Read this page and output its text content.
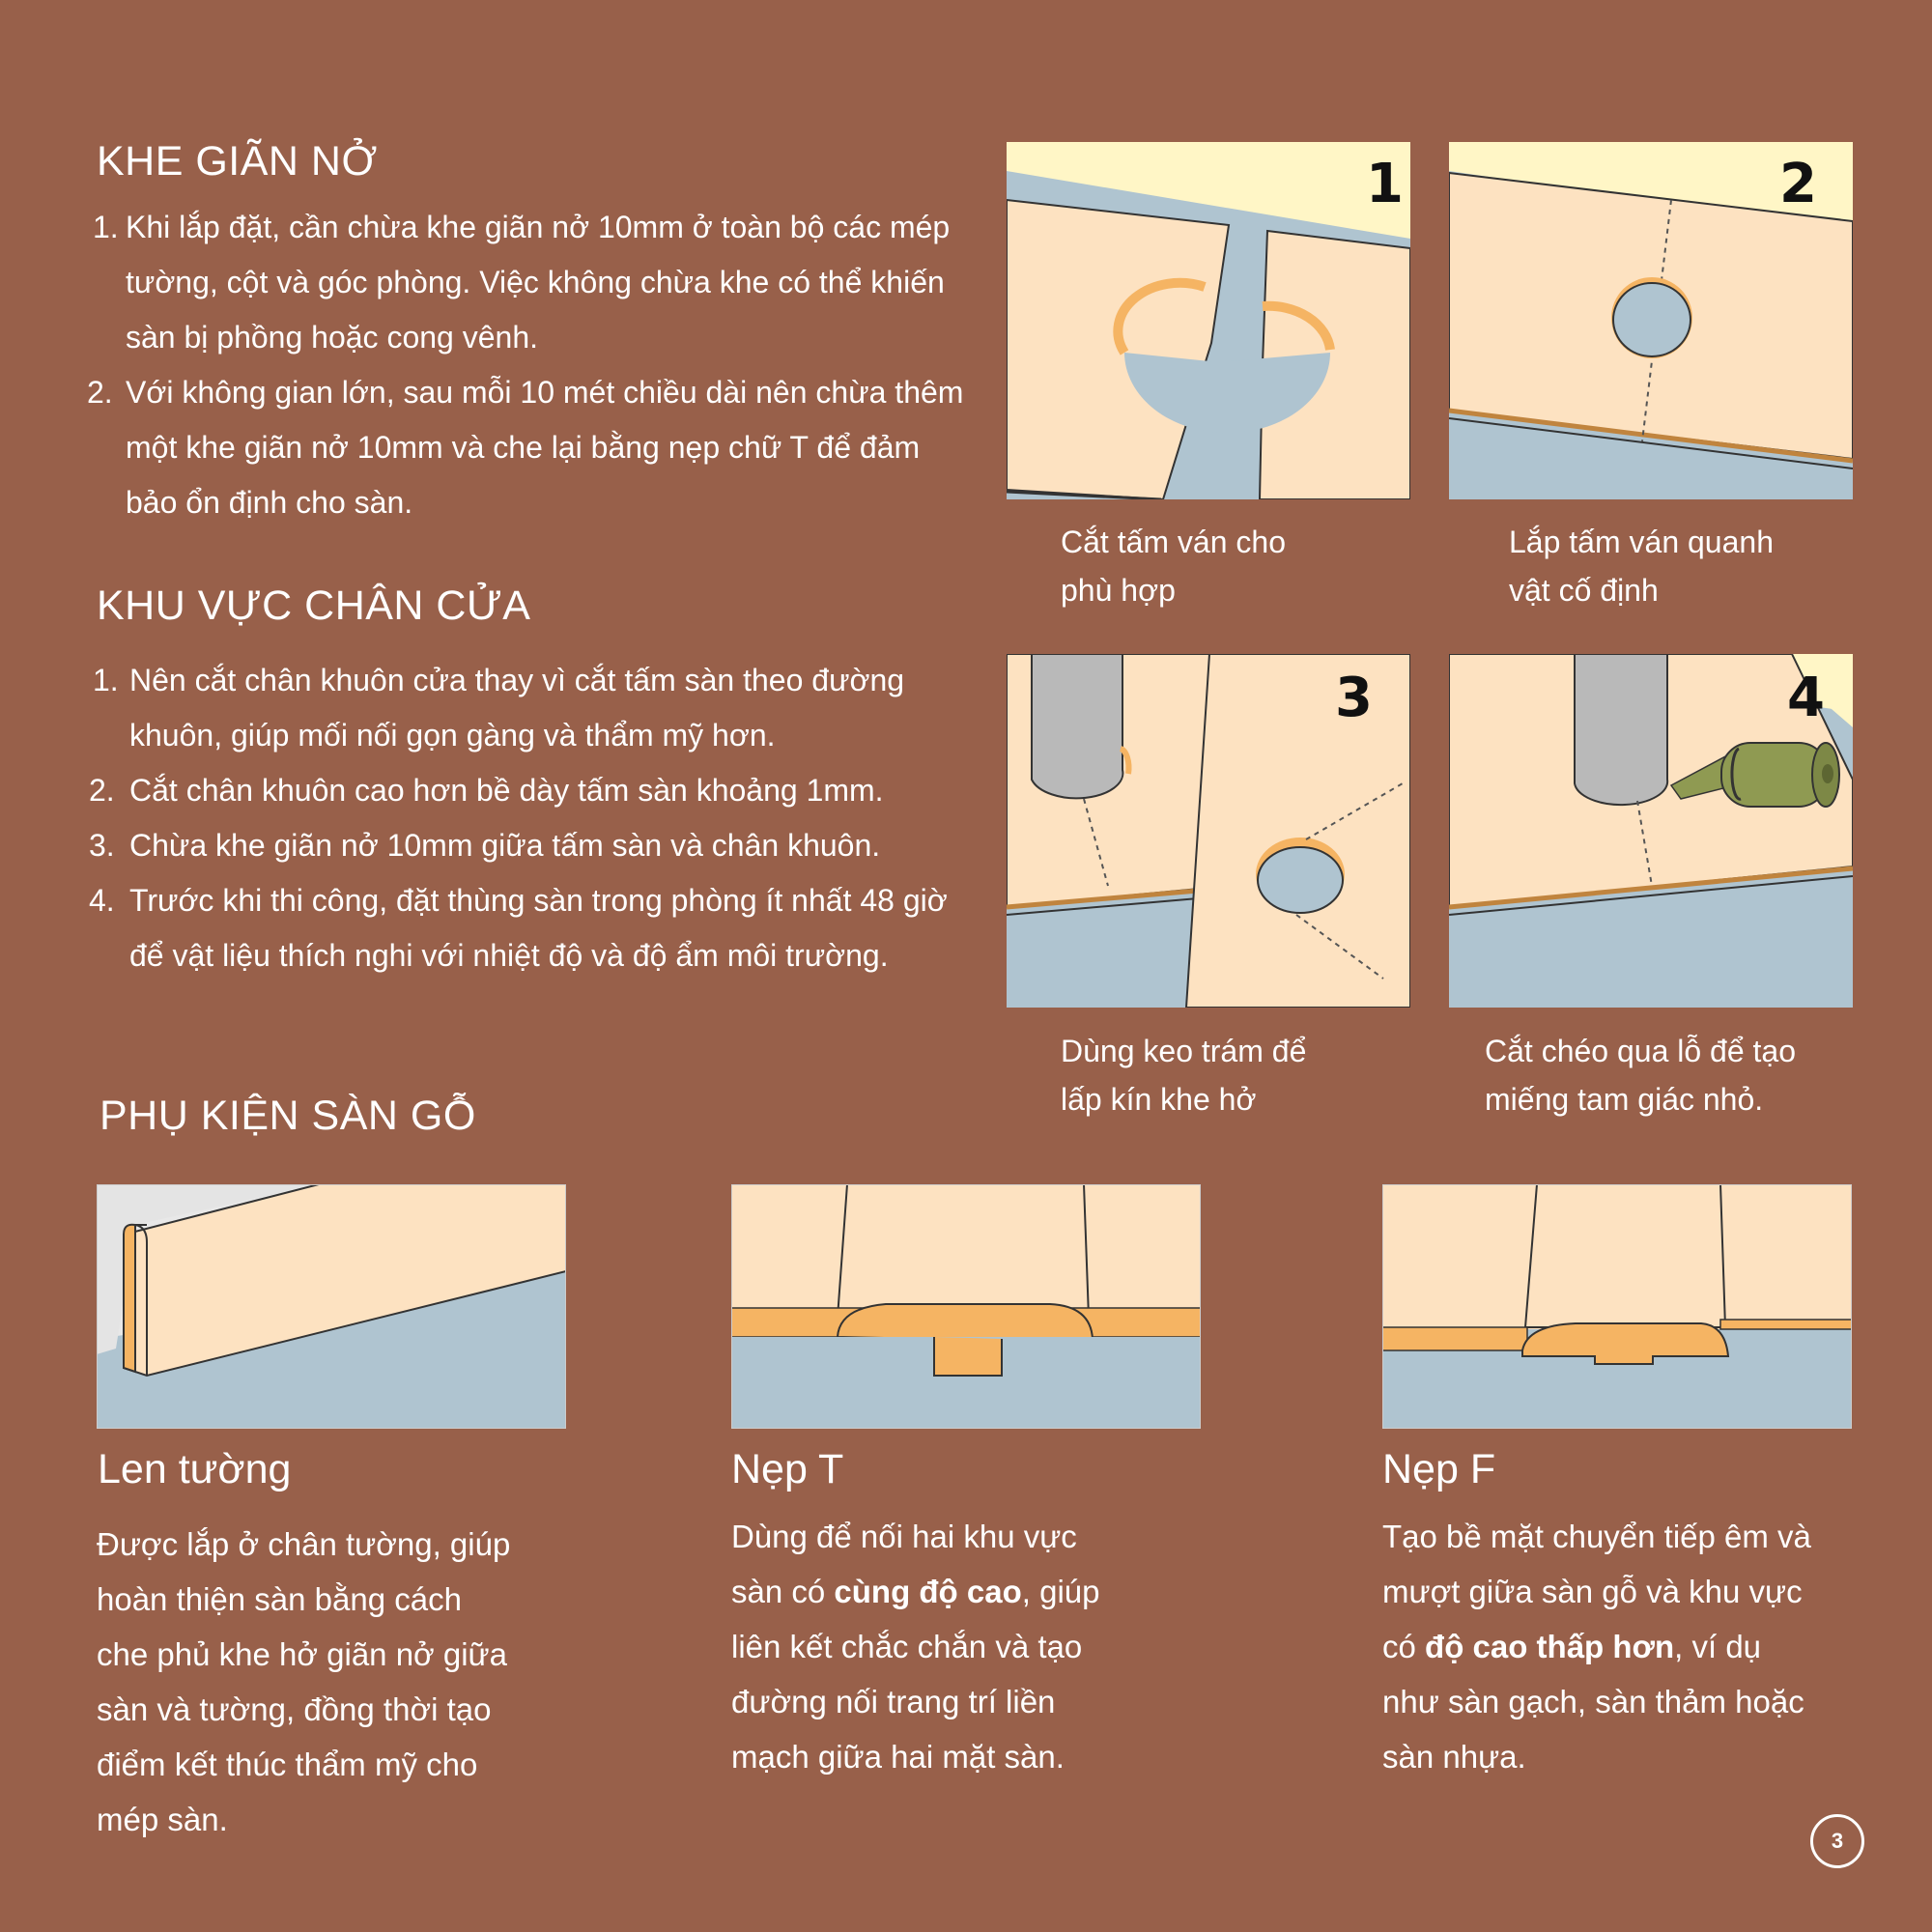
KHE GIÃN NỞ
1. Khi lắp đặt, cần chừa khe giãn nở 10mm ở toàn bộ các mép tường, cột và góc phòng. Việc không chừa khe có thể khiến sàn bị phồng hoặc cong vênh.
2. Với không gian lớn, sau mỗi 10 mét chiều dài nên chừa thêm một khe giãn nở 10mm và che lại bằng nẹp chữ T để đảm bảo ổn định cho sàn.
KHU VỰC CHÂN CỬA
1. Nên cắt chân khuôn cửa thay vì cắt tấm sàn theo đường khuôn, giúp mối nối gọn gàng và thẩm mỹ hơn.
2. Cắt chân khuôn cao hơn bề dày tấm sàn khoảng 1mm.
3. Chừa khe giãn nở 10mm giữa tấm sàn và chân khuôn.
4. Trước khi thi công, đặt thùng sàn trong phòng ít nhất 48 giờ để vật liệu thích nghi với nhiệt độ và độ ẩm môi trường.
PHỤ KIỆN SÀN GỖ
1	2
3	4
Cắt tấm ván cho
phù hợp
Lắp tấm ván quanh
vật cố định
Dùng keo trám để
lấp kín khe hở
Cắt chéo qua lỗ để tạo
miếng tam giác nhỏ.
Len tường
Được lắp ở chân tường, giúp hoàn thiện sàn bằng cách che phủ khe hở giãn nở giữa sàn và tường, đồng thời tạo điểm kết thúc thẩm mỹ cho mép sàn.
Nẹp T
Dùng để nối hai khu vực sàn có cùng độ cao, giúp liên kết chắc chắn và tạo đường nối trang trí liền mạch giữa hai mặt sàn.
Nẹp F
Tạo bề mặt chuyển tiếp êm và mượt giữa sàn gỗ và khu vực có độ cao thấp hơn, ví dụ như sàn gạch, sàn thảm hoặc sàn nhựa.
3
